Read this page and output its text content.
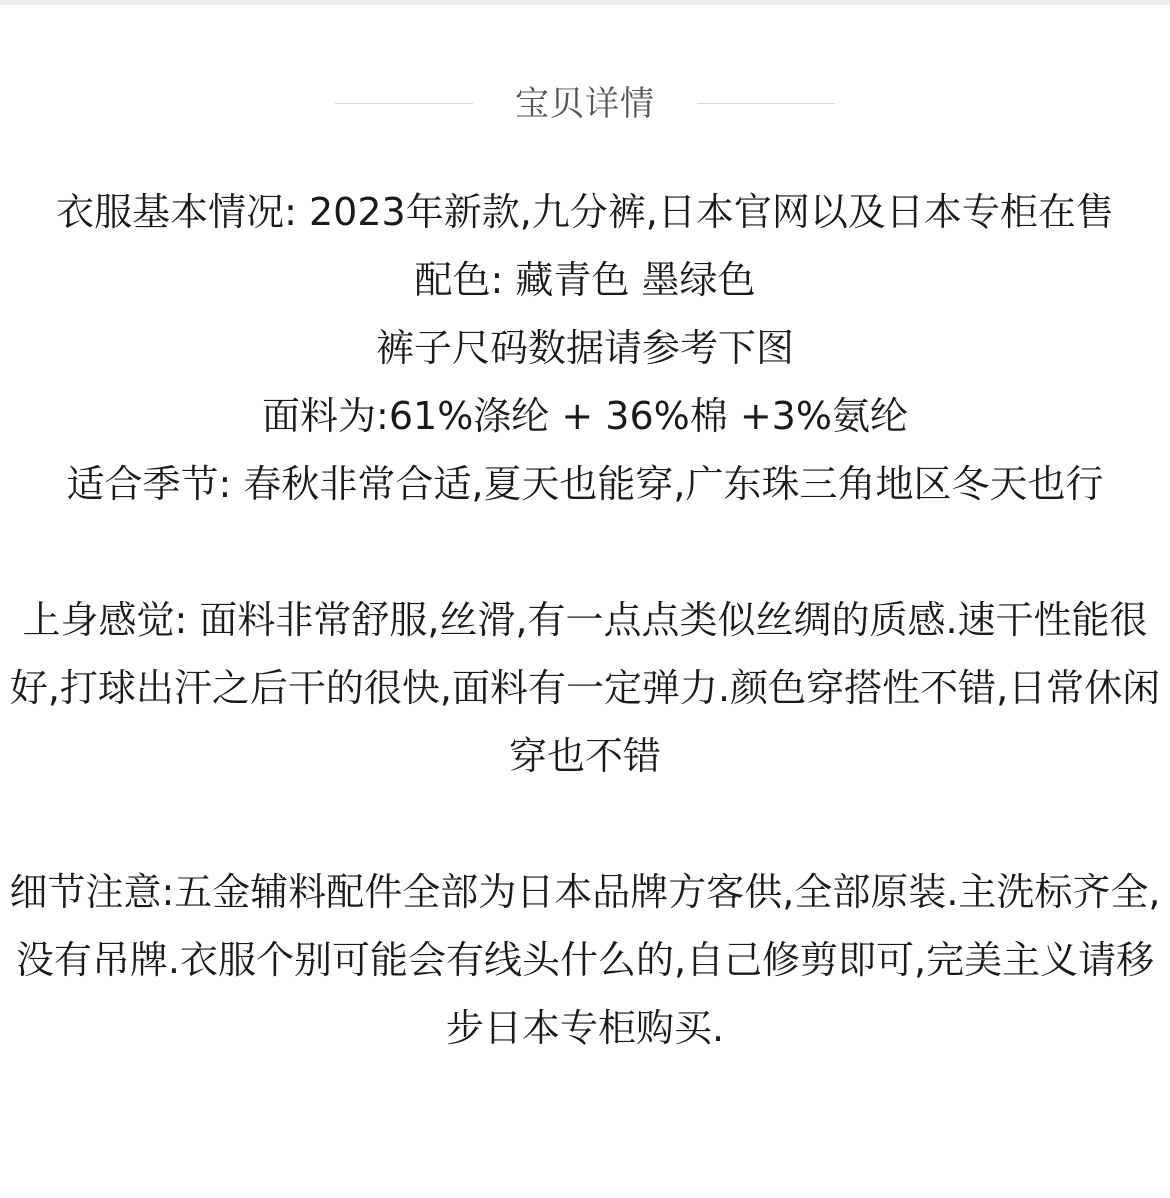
宝贝详情

衣服基本情况: 2023年新款,九分裤,日本官网以及日本专柜在售

配色: 藏青色 墨绿色

裤子尺码数据请参考下图

面料为:61%涤纶 + 36%棉 +3%氨纶

适合季节: 春秋非常合适,夏天也能穿,广东珠三角地区冬天也行

上身感觉: 面料非常舒服,丝滑,有一点点类似丝绸的质感.速干性能很好,打球出汗之后干的很快,面料有一定弹力.颜色穿搭性不错,日常休闲穿也不错

细节注意:五金辅料配件全部为日本品牌方客供,全部原装.主洗标齐全,没有吊牌.衣服个别可能会有线头什么的,自己修剪即可,完美主义请移步日本专柜购买.
